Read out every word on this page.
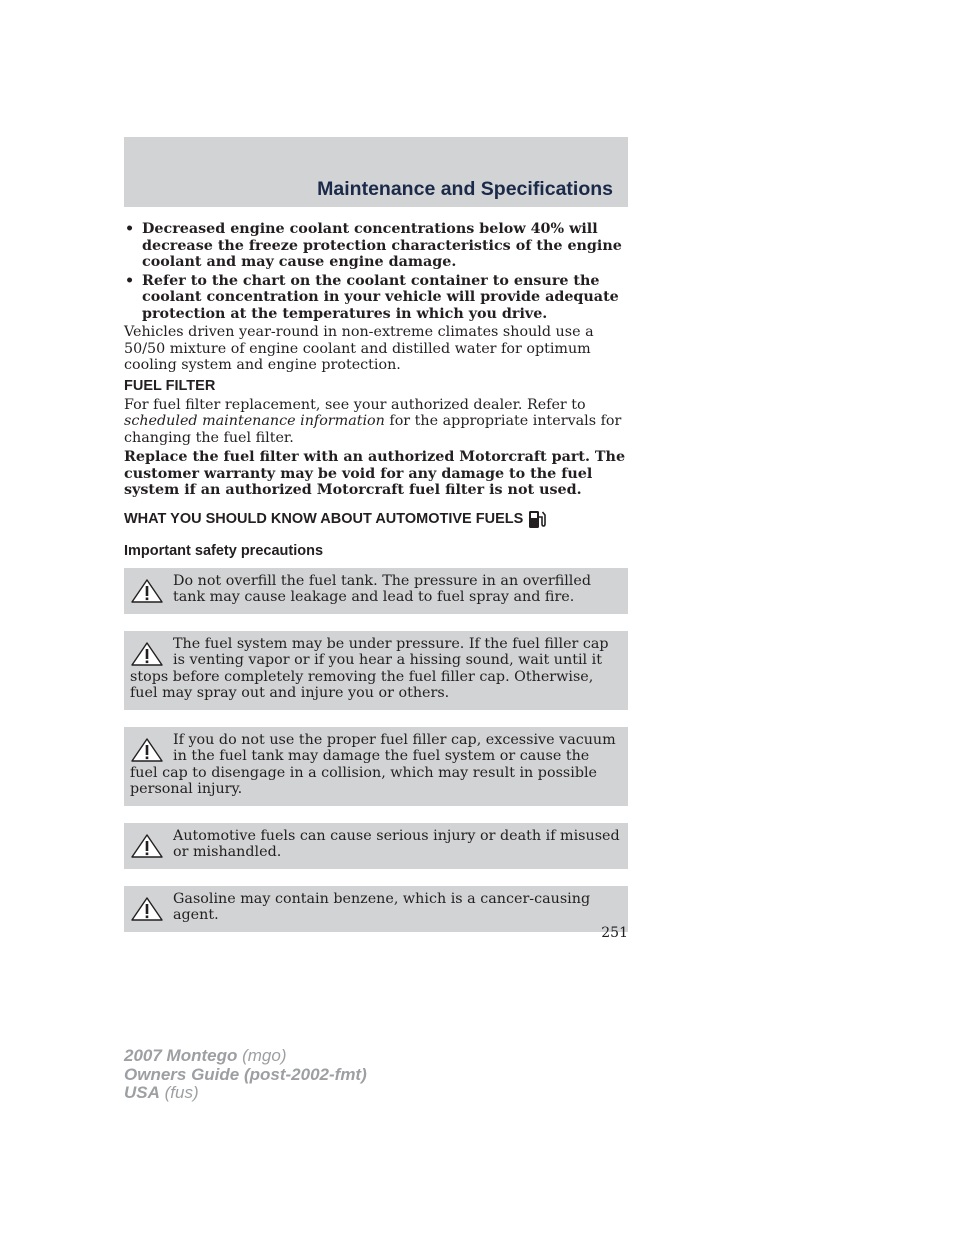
Maintenance and Specifications
• Decreased engine coolant concentrations below 40% will decrease the freeze protection characteristics of the engine coolant and may cause engine damage.
• Refer to the chart on the coolant container to ensure the coolant concentration in your vehicle will provide adequate protection at the temperatures in which you drive.

Vehicles driven year-round in non-extreme climates should use a 50/50 mixture of engine coolant and distilled water for optimum cooling system and engine protection.

FUEL FILTER

For fuel filter replacement, see your authorized dealer. Refer to scheduled maintenance information for the appropriate intervals for changing the fuel filter.

Replace the fuel filter with an authorized Motorcraft part. The customer warranty may be void for any damage to the fuel system if an authorized Motorcraft fuel filter is not used.

WHAT YOU SHOULD KNOW ABOUT AUTOMOTIVE FUELS
Important safety precautions
Do not overfill the fuel tank. The pressure in an overfilled tank may cause leakage and lead to fuel spray and fire.
The fuel system may be under pressure. If the fuel filler cap is venting vapor or if you hear a hissing sound, wait until it stops before completely removing the fuel filler cap. Otherwise, fuel may spray out and injure you or others.
If you do not use the proper fuel filler cap, excessive vacuum in the fuel tank may damage the fuel system or cause the fuel cap to disengage in a collision, which may result in possible personal injury.
Automotive fuels can cause serious injury or death if misused or mishandled.
Gasoline may contain benzene, which is a cancer-causing agent.
251
2007 Montego (mgo)
Owners Guide (post-2002-fmt)
USA (fus)
